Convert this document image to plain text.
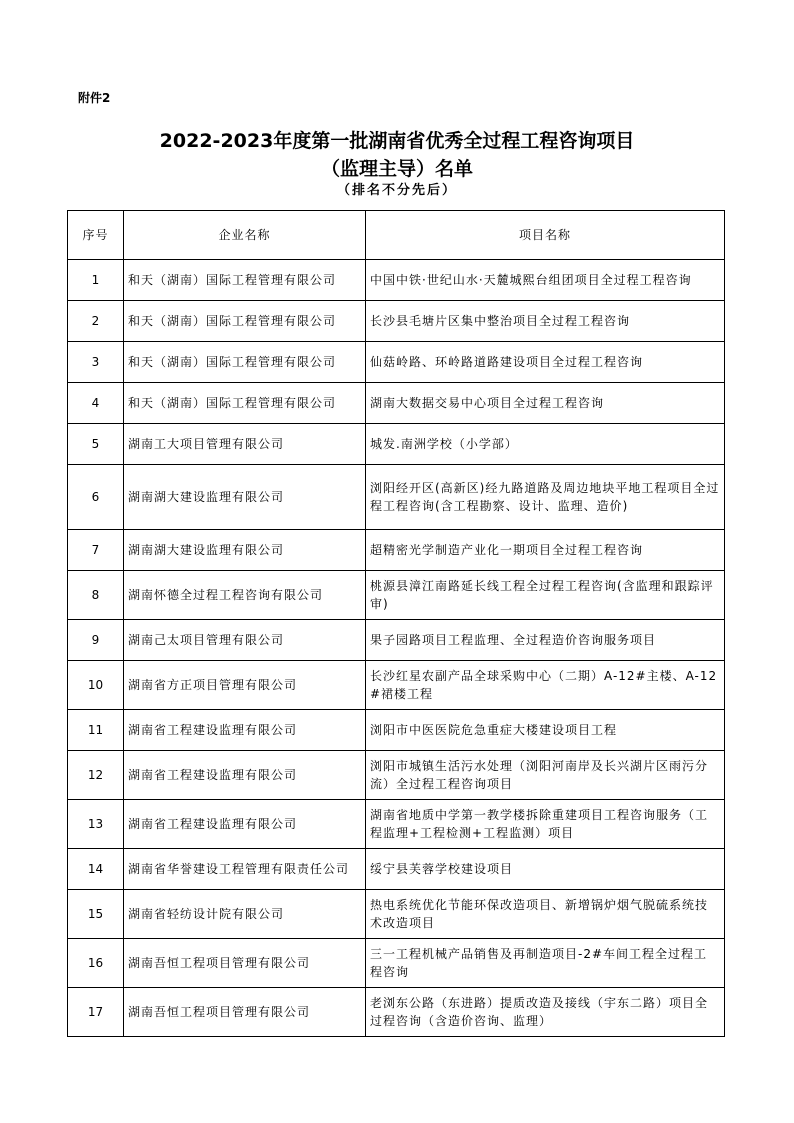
附件2
2022-2023年度第一批湖南省优秀全过程工程咨询项目
（监理主导）名单
（排名不分先后）
序号	企业名称	项目名称
1	和天（湖南）国际工程管理有限公司	中国中铁·世纪山水·天麓城熙台组团项目全过程工程咨询
2	和天（湖南）国际工程管理有限公司	长沙县毛塘片区集中整治项目全过程工程咨询
3	和天（湖南）国际工程管理有限公司	仙菇岭路、环岭路道路建设项目全过程工程咨询
4	和天（湖南）国际工程管理有限公司	湖南大数据交易中心项目全过程工程咨询
5	湖南工大项目管理有限公司	城发.南洲学校（小学部）
6	湖南湖大建设监理有限公司	浏阳经开区(高新区)经九路道路及周边地块平地工程项目全过程工程咨询(含工程勘察、设计、监理、造价)
7	湖南湖大建设监理有限公司	超精密光学制造产业化一期项目全过程工程咨询
8	湖南怀德全过程工程咨询有限公司	桃源县漳江南路延长线工程全过程工程咨询(含监理和跟踪评审)
9	湖南己太项目管理有限公司	果子园路项目工程监理、全过程造价咨询服务项目
10	湖南省方正项目管理有限公司	长沙红星农副产品全球采购中心（二期）A-12#主楼、A-12#裙楼工程
11	湖南省工程建设监理有限公司	浏阳市中医医院危急重症大楼建设项目工程
12	湖南省工程建设监理有限公司	浏阳市城镇生活污水处理（浏阳河南岸及长兴湖片区雨污分流）全过程工程咨询项目
13	湖南省工程建设监理有限公司	湖南省地质中学第一教学楼拆除重建项目工程咨询服务（工程监理+工程检测+工程监测）项目
14	湖南省华誉建设工程管理有限责任公司	绥宁县芙蓉学校建设项目
15	湖南省轻纺设计院有限公司	热电系统优化节能环保改造项目、新增锅炉烟气脱硫系统技术改造项目
16	湖南吾恒工程项目管理有限公司	三一工程机械产品销售及再制造项目-2#车间工程全过程工程咨询
17	湖南吾恒工程项目管理有限公司	老浏东公路（东进路）提质改造及接线（宇东二路）项目全过程咨询（含造价咨询、监理）
